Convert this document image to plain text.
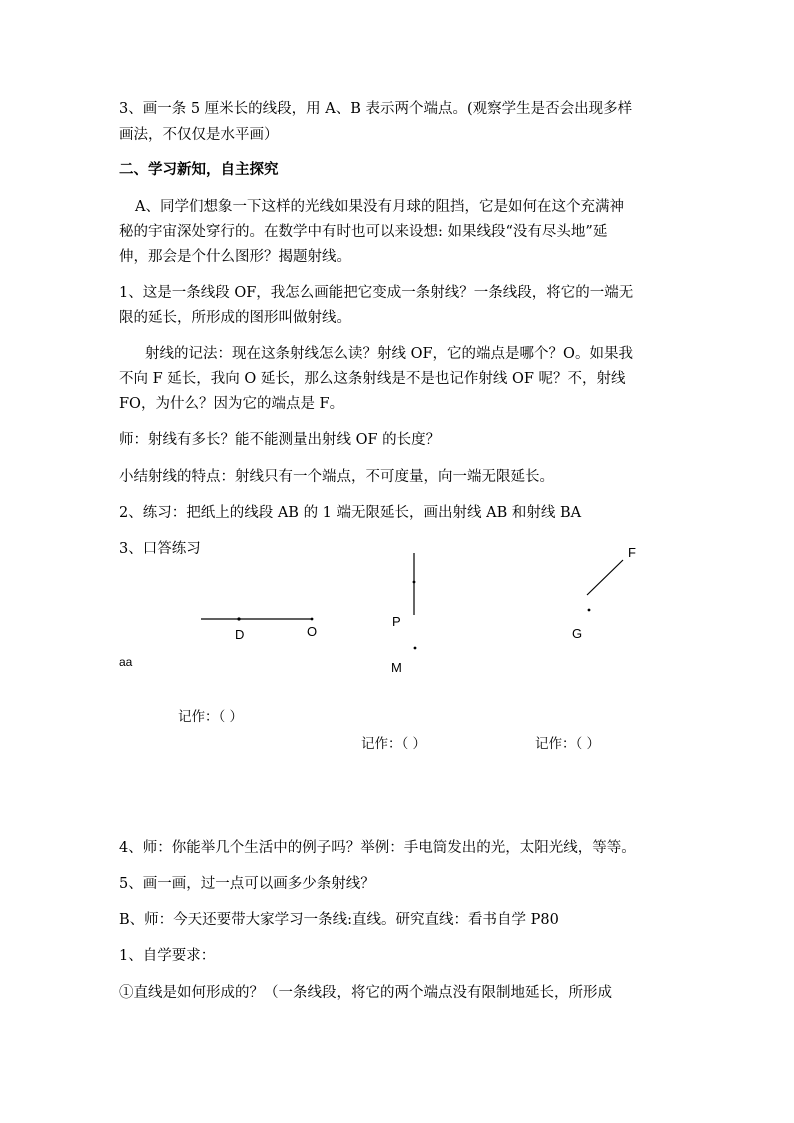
3、画一条 5 厘米长的线段，用 A、B 表示两个端点。(观察学生是否会出现多样
画法，不仅仅是水平画）
二、学习新知，自主探究
A、同学们想象一下这样的光线如果没有月球的阻挡，它是如何在这个充满神
秘的宇宙深处穿行的。在数学中有时也可以来设想: 如果线段“没有尽头地”延
伸，那会是个什么图形？揭题射线。
1、这是一条线段 OF，我怎么画能把它变成一条射线？一条线段，将它的一端无
限的延长，所形成的图形叫做射线。
射线的记法：现在这条射线怎么读？射线 OF，它的端点是哪个？O。如果我
不向 F 延长，我向 O 延长，那么这条射线是不是也记作射线 OF 呢？不，射线
FO，为什么？因为它的端点是 F。
师：射线有多长？能不能测量出射线 OF 的长度？
小结射线的特点：射线只有一个端点，不可度量，向一端无限延长。
2、练习：把纸上的线段 AB 的 1 端无限延长，画出射线 AB 和射线 BA
3、口答练习
D	O
P
M
F
G
aa
记作：（ ）
记作：（ ）	记作：（ ）
4、师：你能举几个生活中的例子吗？举例：手电筒发出的光，太阳光线，等等。
5、画一画，过一点可以画多少条射线？
B、师：今天还要带大家学习一条线:直线。研究直线：看书自学 P80
1、自学要求：
①直线是如何形成的？（一条线段，将它的两个端点没有限制地延长，所形成
